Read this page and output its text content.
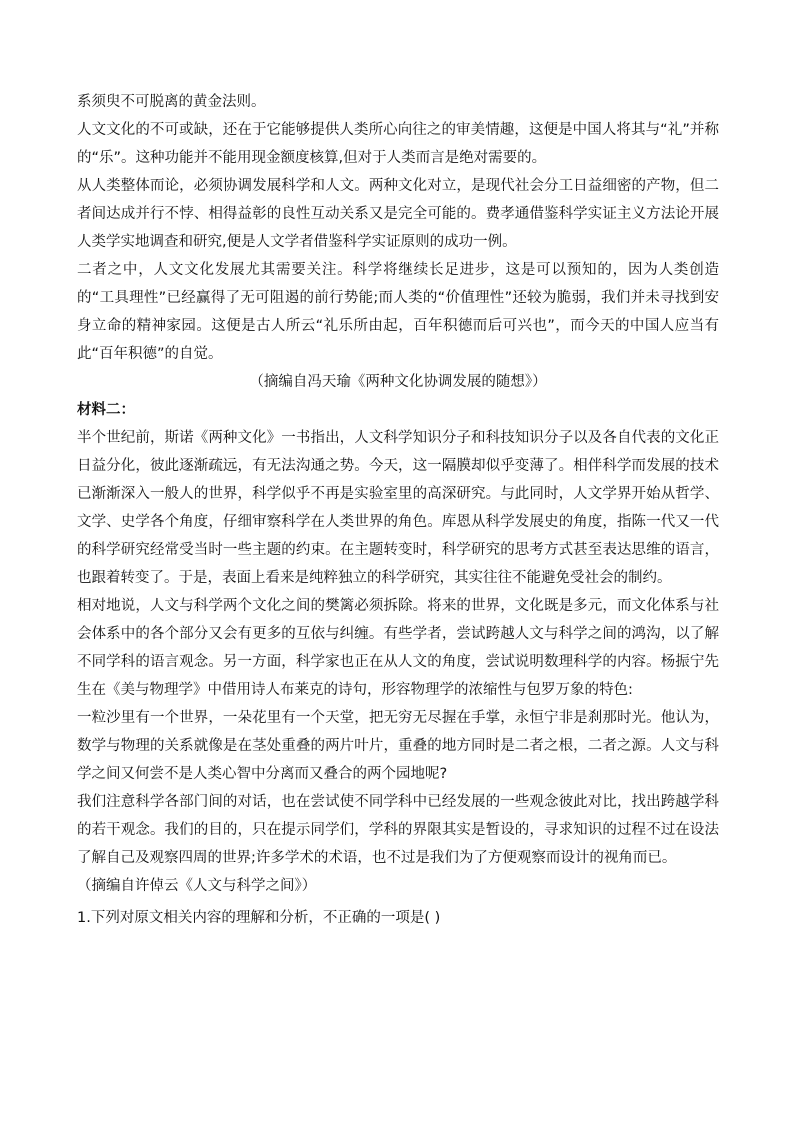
系须臾不可脱离的黄金法则。

人文文化的不可或缺，还在于它能够提供人类所心向往之的审美情趣，这便是中国人将其与“礼”并称的“乐”。这种功能并不能用现金额度核算,但对于人类而言是绝对需要的。

从人类整体而论，必须协调发展科学和人文。两种文化对立，是现代社会分工日益细密的产物，但二者间达成并行不悖、相得益彰的良性互动关系又是完全可能的。费孝通借鉴科学实证主义方法论开展人类学实地调查和研究,便是人文学者借鉴科学实证原则的成功一例。

二者之中，人文文化发展尤其需要关注。科学将继续长足进步，这是可以预知的，因为人类创造的“工具理性”已经赢得了无可阻遏的前行势能;而人类的“价值理性”还较为脆弱，我们并未寻找到安身立命的精神家园。这便是古人所云“礼乐所由起，百年积德而后可兴也”，而今天的中国人应当有此“百年积德”的自觉。

（摘编自冯天瑜《两种文化协调发展的随想》）

材料二：

半个世纪前，斯诺《两种文化》一书指出，人文科学知识分子和科技知识分子以及各自代表的文化正日益分化，彼此逐渐疏远，有无法沟通之势。今天，这一隔膜却似乎变薄了。相伴科学而发展的技术已渐渐深入一般人的世界，科学似乎不再是实验室里的高深研究。与此同时，人文学界开始从哲学、文学、史学各个角度，仔细审察科学在人类世界的角色。库恩从科学发展史的角度，指陈一代又一代的科学研究经常受当时一些主题的约束。在主题转变时，科学研究的思考方式甚至表达思维的语言，也跟着转变了。于是，表面上看来是纯粹独立的科学研究，其实往往不能避免受社会的制约。

相对地说，人文与科学两个文化之间的樊篱必须拆除。将来的世界，文化既是多元，而文化体系与社会体系中的各个部分又会有更多的互依与纠缠。有些学者，尝试跨越人文与科学之间的鸿沟，以了解不同学科的语言观念。另一方面，科学家也正在从人文的角度，尝试说明数理科学的内容。杨振宁先生在《美与物理学》中借用诗人布莱克的诗句，形容物理学的浓缩性与包罗万象的特色:

一粒沙里有一个世界，一朵花里有一个天堂，把无穷无尽握在手掌，永恒宁非是刹那时光。他认为，数学与物理的关系就像是在茎处重叠的两片叶片，重叠的地方同时是二者之根，二者之源。人文与科学之间又何尝不是人类心智中分离而又叠合的两个园地呢?

我们注意科学各部门间的对话，也在尝试使不同学科中已经发展的一些观念彼此对比，找出跨越学科的若干观念。我们的目的，只在提示同学们，学科的界限其实是暂设的，寻求知识的过程不过在设法了解自己及观察四周的世界;许多学术的术语，也不过是我们为了方便观察而设计的视角而已。

（摘编自许倬云《人文与科学之间》）

1.下列对原文相关内容的理解和分析，不正确的一项是( )
